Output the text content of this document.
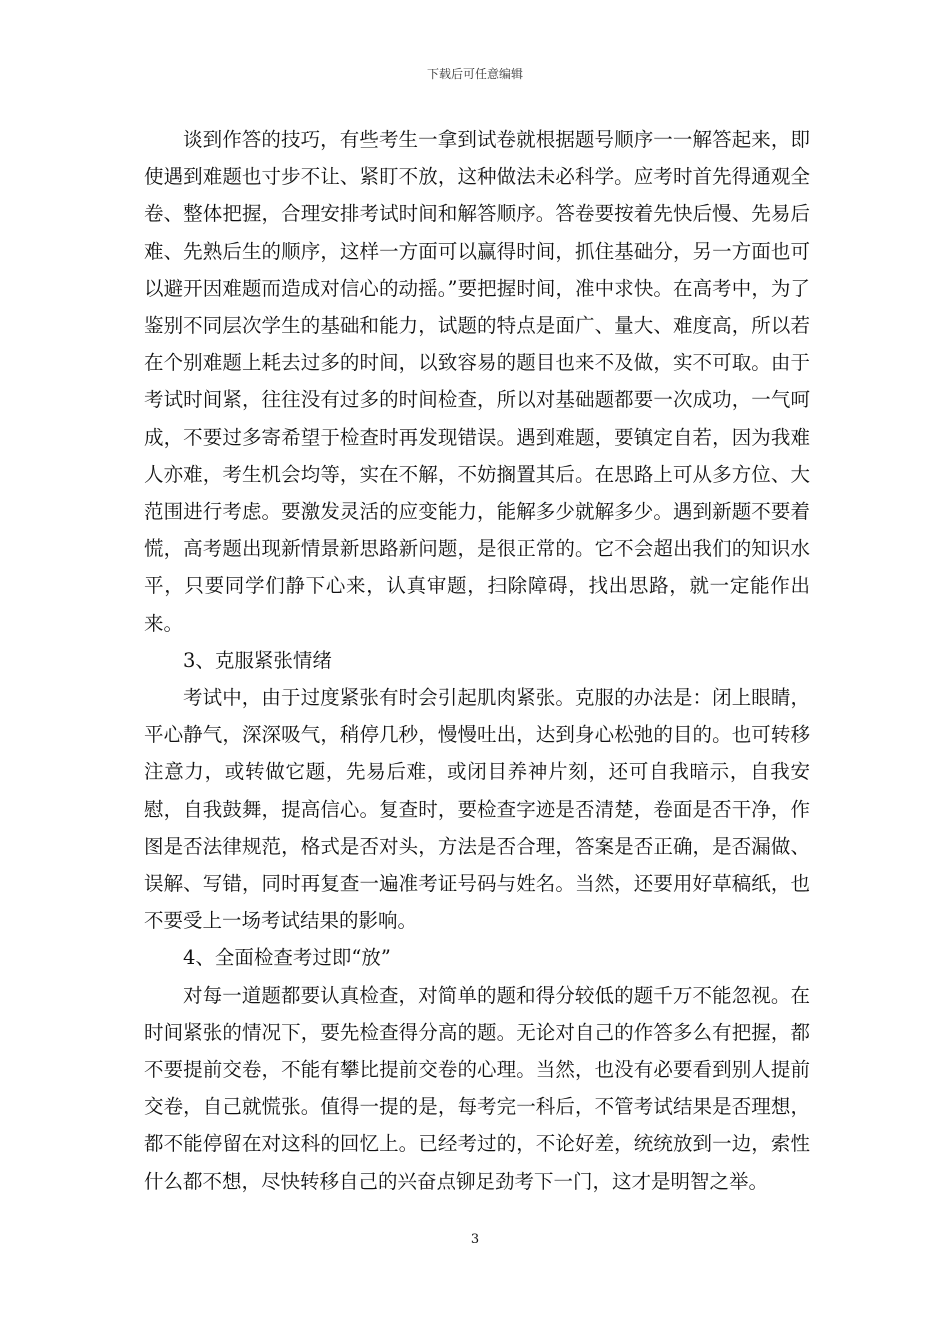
下载后可任意编辑

谈到作答的技巧，有些考生一拿到试卷就根据题号顺序一一解答起来，即使遇到难题也寸步不让、紧盯不放，这种做法未必科学。应考时首先得通观全卷、整体把握，合理安排考试时间和解答顺序。答卷要按着先快后慢、先易后难、先熟后生的顺序，这样一方面可以赢得时间，抓住基础分，另一方面也可以避开因难题而造成对信心的动摇。”要把握时间，准中求快。在高考中，为了鉴别不同层次学生的基础和能力，试题的特点是面广、量大、难度高，所以若在个别难题上耗去过多的时间，以致容易的题目也来不及做，实不可取。由于考试时间紧，往往没有过多的时间检查，所以对基础题都要一次成功，一气呵成，不要过多寄希望于检查时再发现错误。遇到难题，要镇定自若，因为我难人亦难，考生机会均等，实在不解，不妨搁置其后。在思路上可从多方位、大范围进行考虑。要激发灵活的应变能力，能解多少就解多少。遇到新题不要着慌，高考题出现新情景新思路新问题，是很正常的。它不会超出我们的知识水平，只要同学们静下心来，认真审题，扫除障碍，找出思路，就一定能作出来。

3、克服紧张情绪

考试中，由于过度紧张有时会引起肌肉紧张。克服的办法是：闭上眼睛，平心静气，深深吸气，稍停几秒，慢慢吐出，达到身心松弛的目的。也可转移注意力，或转做它题，先易后难，或闭目养神片刻，还可自我暗示，自我安慰，自我鼓舞，提高信心。复查时，要检查字迹是否清楚，卷面是否干净，作图是否法律规范，格式是否对头，方法是否合理，答案是否正确，是否漏做、误解、写错，同时再复查一遍准考证号码与姓名。当然，还要用好草稿纸，也不要受上一场考试结果的影响。

4、全面检查考过即“放”

对每一道题都要认真检查，对简单的题和得分较低的题千万不能忽视。在时间紧张的情况下，要先检查得分高的题。无论对自己的作答多么有把握，都不要提前交卷，不能有攀比提前交卷的心理。当然，也没有必要看到别人提前交卷，自己就慌张。值得一提的是，每考完一科后，不管考试结果是否理想，都不能停留在对这科的回忆上。已经考过的，不论好差，统统放到一边，索性什么都不想，尽快转移自己的兴奋点铆足劲考下一门，这才是明智之举。

3
